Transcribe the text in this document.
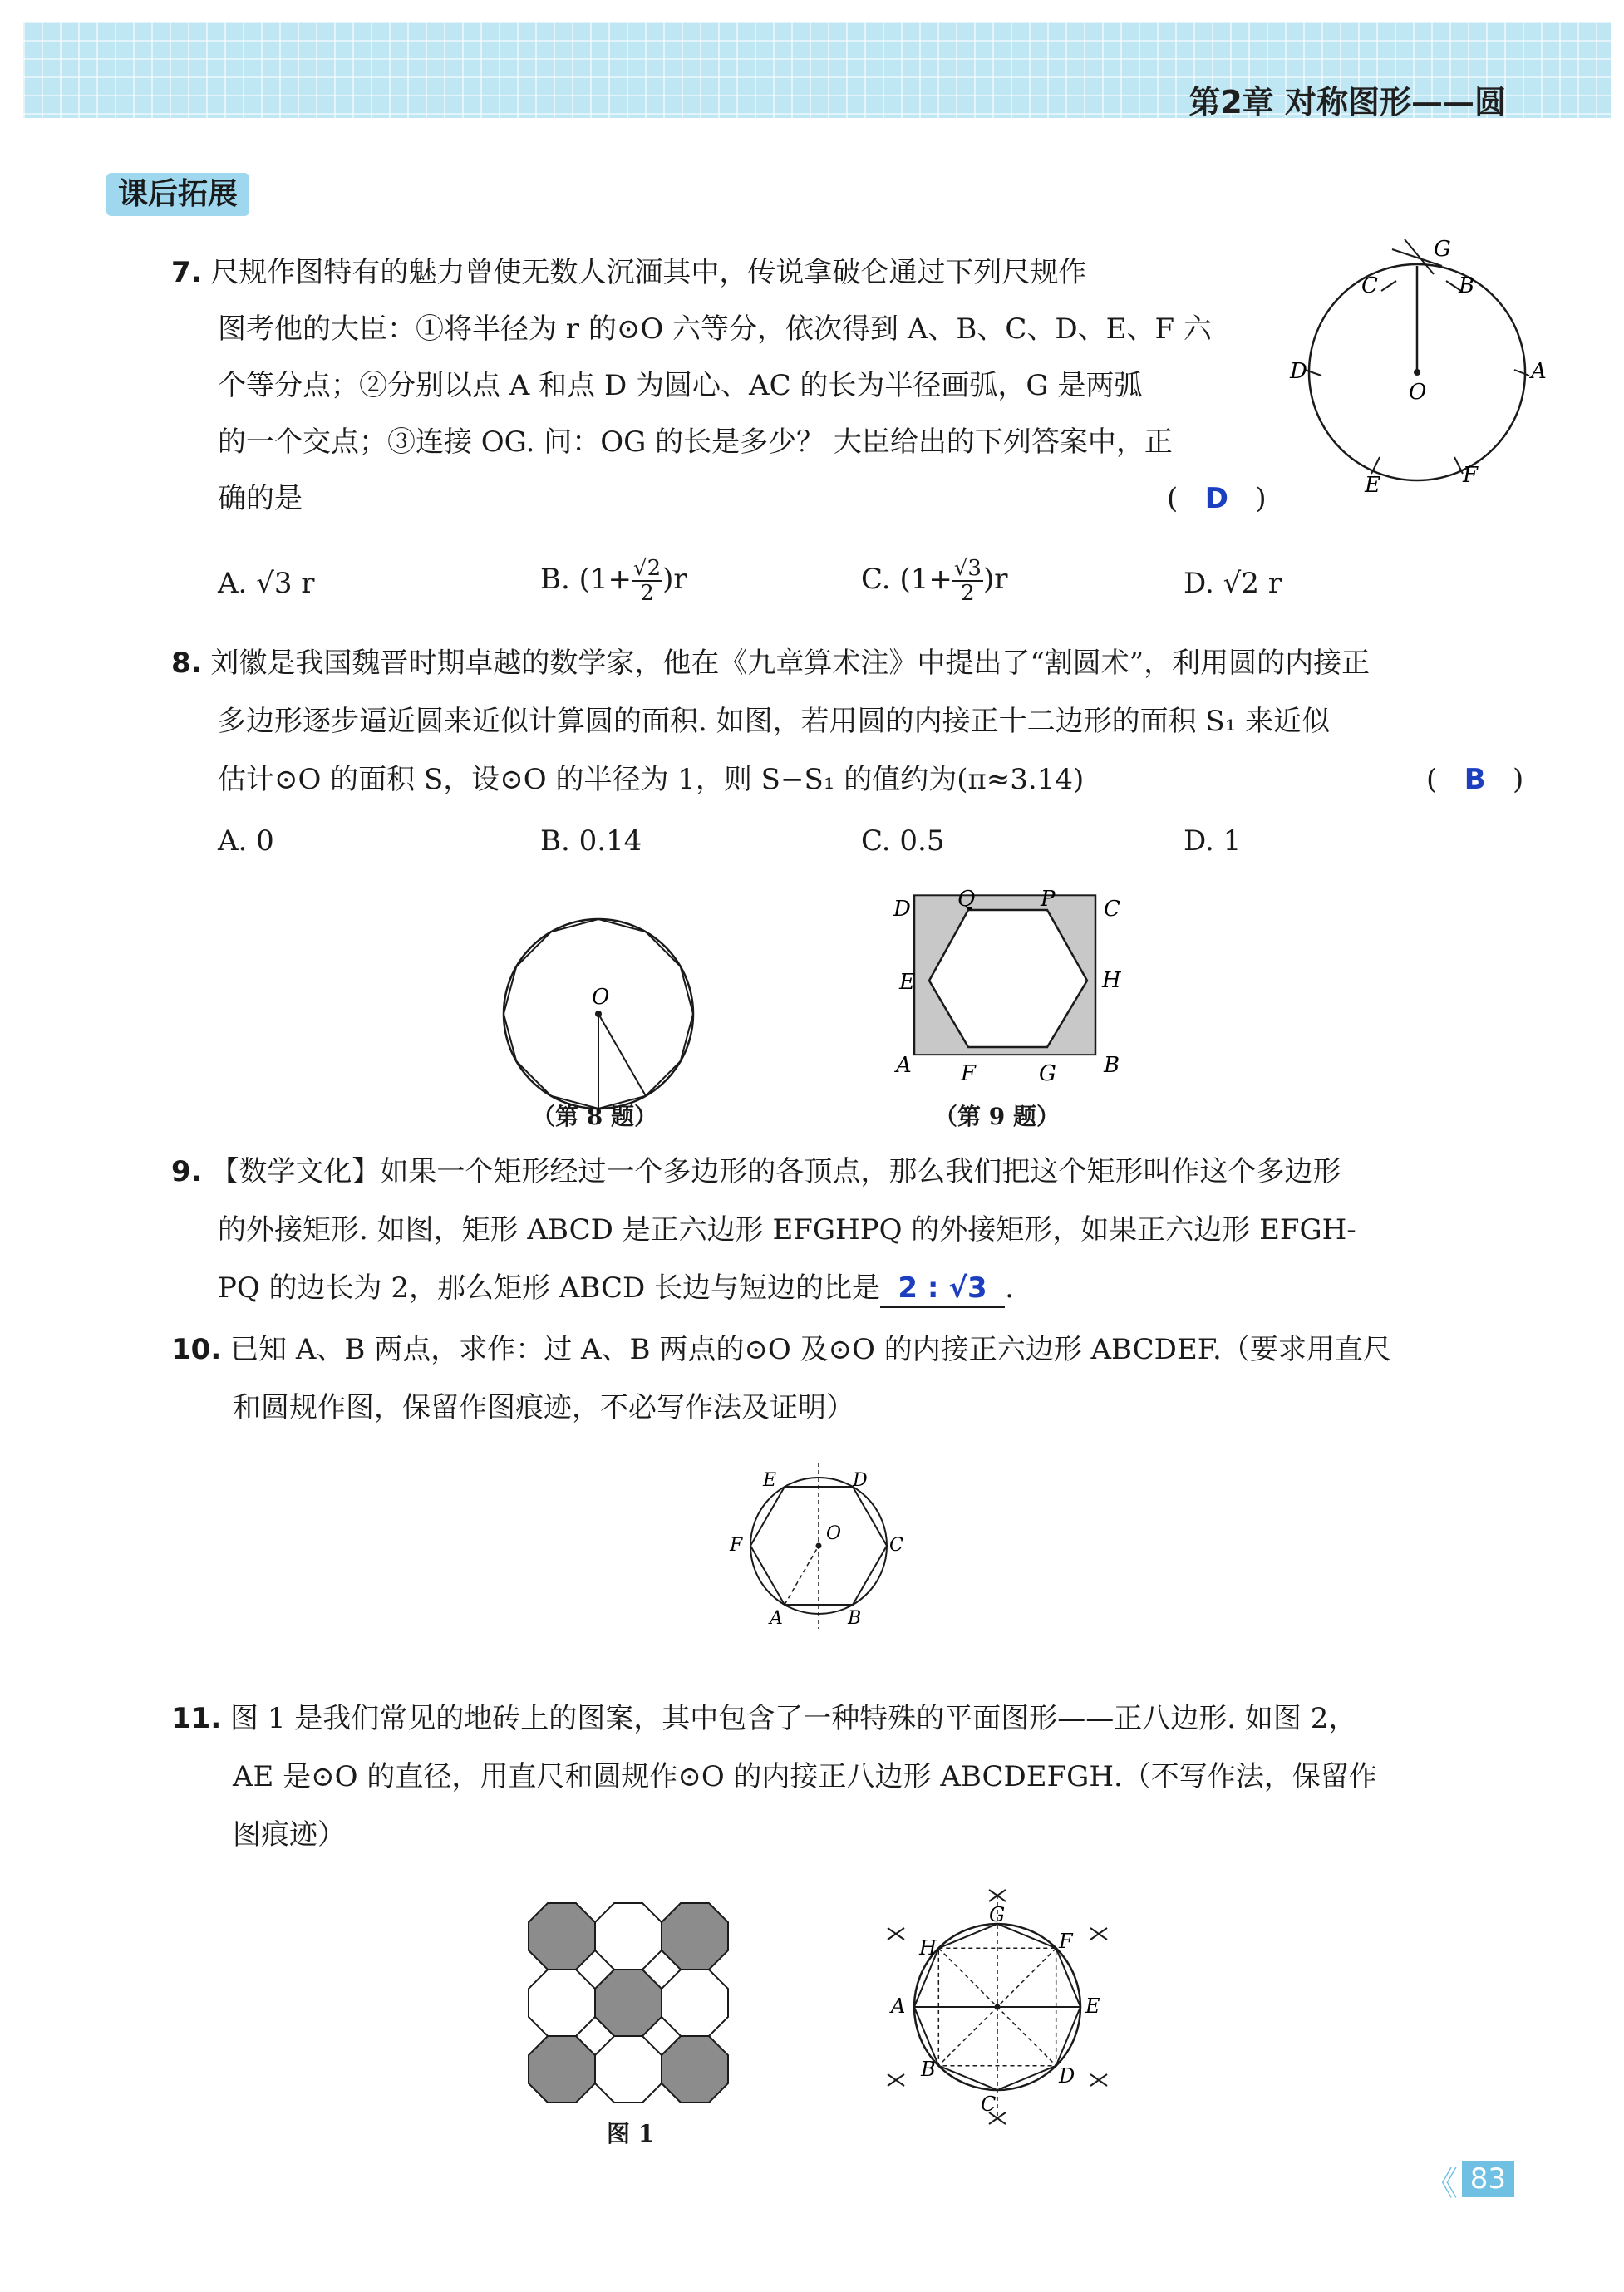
第2章 对称图形——圆
课后拓展
7. 尺规作图特有的魅力曾使无数人沉湎其中，传说拿破仑通过下列尺规作
图考他的大臣：①将半径为 r 的⊙O 六等分，依次得到 A、B、C、D、E、F 六
个等分点；②分别以点 A 和点 D 为圆心、AC 的长为半径画弧，G 是两弧
的一个交点；③连接 OG. 问：OG 的长是多少？ 大臣给出的下列答案中，正
确的是	(   D   )
A. √3 r	B. $(1+ \frac{√2}{2} )r$	C. $(1+ \frac{√3}{2} )r$	D. √2 r
G
C	B
D	A
O
E	F
8. 刘徽是我国魏晋时期卓越的数学家，他在《九章算术注》中提出了“割圆术”，利用圆的内接正
多边形逐步逼近圆来近似计算圆的面积. 如图，若用圆的内接正十二边形的面积 S₁ 来近似
估计⊙O 的面积 S，设⊙O 的半径为 1，则 S−S₁ 的值约为(π≈3.14)	(   B   )
A. 0	B. 0.14	C. 0.5	D. 1
O
（第 8 题）
D Q	P C
E	H
A F	G B
（第 9 题）
9. 【数学文化】如果一个矩形经过一个多边形的各顶点，那么我们把这个矩形叫作这个多边形
的外接矩形. 如图，矩形 ABCD 是正六边形 EFGHPQ 的外接矩形，如果正六边形 EFGH-
PQ 的边长为 2，那么矩形 ABCD 长边与短边的比是 2 : √3 .
10. 已知 A、B 两点，求作：过 A、B 两点的⊙O 及⊙O 的内接正六边形 ABCDEF.（要求用直尺
和圆规作图，保留作图痕迹，不必写作法及证明）
E	D
O
F	C
A	B
11. 图 1 是我们常见的地砖上的图案，其中包含了一种特殊的平面图形——正八边形. 如图 2，
AE 是⊙O 的直径，用直尺和圆规作⊙O 的内接正八边形 ABCDEFGH.（不写作法，保留作
图痕迹）
图 1
G
H	F
A	E
B	D
C
《 83
